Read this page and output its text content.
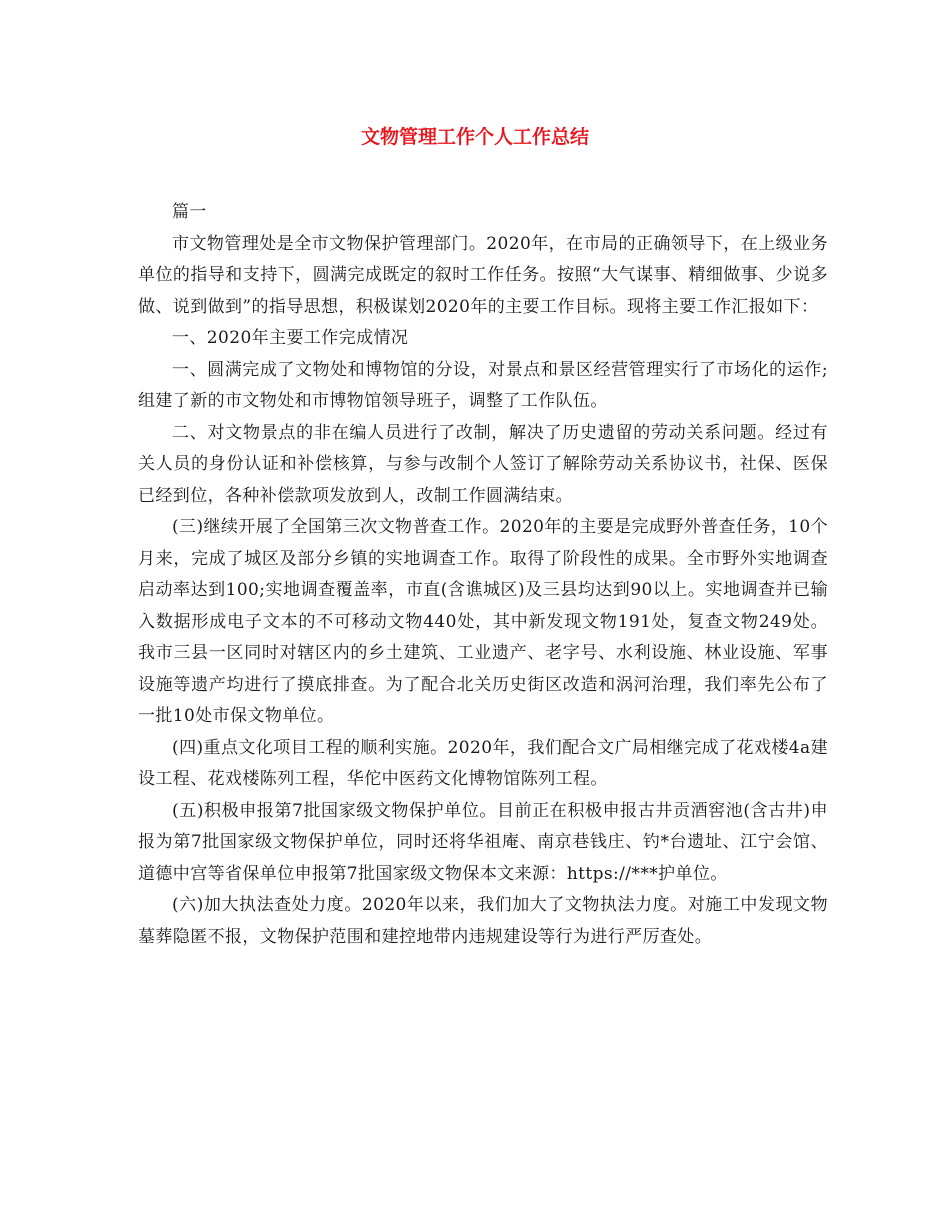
文物管理工作个人工作总结

篇一

市文物管理处是全市文物保护管理部门。2020年，在市局的正确领导下，在上级业务单位的指导和支持下，圆满完成既定的叙时工作任务。按照“大气谋事、精细做事、少说多做、说到做到”的指导思想，积极谋划2020年的主要工作目标。现将主要工作汇报如下：

一、2020年主要工作完成情况

一、圆满完成了文物处和博物馆的分设，对景点和景区经营管理实行了市场化的运作;组建了新的市文物处和市博物馆领导班子，调整了工作队伍。

二、对文物景点的非在编人员进行了改制，解决了历史遗留的劳动关系问题。经过有关人员的身份认证和补偿核算，与参与改制个人签订了解除劳动关系协议书，社保、医保已经到位，各种补偿款项发放到人，改制工作圆满结束。

(三)继续开展了全国第三次文物普查工作。2020年的主要是完成野外普查任务，10个月来，完成了城区及部分乡镇的实地调查工作。取得了阶段性的成果。全市野外实地调查启动率达到100;实地调查覆盖率，市直(含谯城区)及三县均达到90以上。实地调查并已输入数据形成电子文本的不可移动文物440处，其中新发现文物191处，复查文物249处。我市三县一区同时对辖区内的乡土建筑、工业遗产、老字号、水利设施、林业设施、军事设施等遗产均进行了摸底排查。为了配合北关历史街区改造和涡河治理，我们率先公布了一批10处市保文物单位。

(四)重点文化项目工程的顺利实施。2020年，我们配合文广局相继完成了花戏楼4a建设工程、花戏楼陈列工程，华佗中医药文化博物馆陈列工程。

(五)积极申报第7批国家级文物保护单位。目前正在积极申报古井贡酒窖池(含古井)申报为第7批国家级文物保护单位，同时还将华祖庵、南京巷钱庄、钓*台遗址、江宁会馆、道德中宫等省保单位申报第7批国家级文物保本文来源：https://***护单位。

(六)加大执法查处力度。2020年以来，我们加大了文物执法力度。对施工中发现文物墓葬隐匿不报，文物保护范围和建控地带内违规建设等行为进行严厉查处。
